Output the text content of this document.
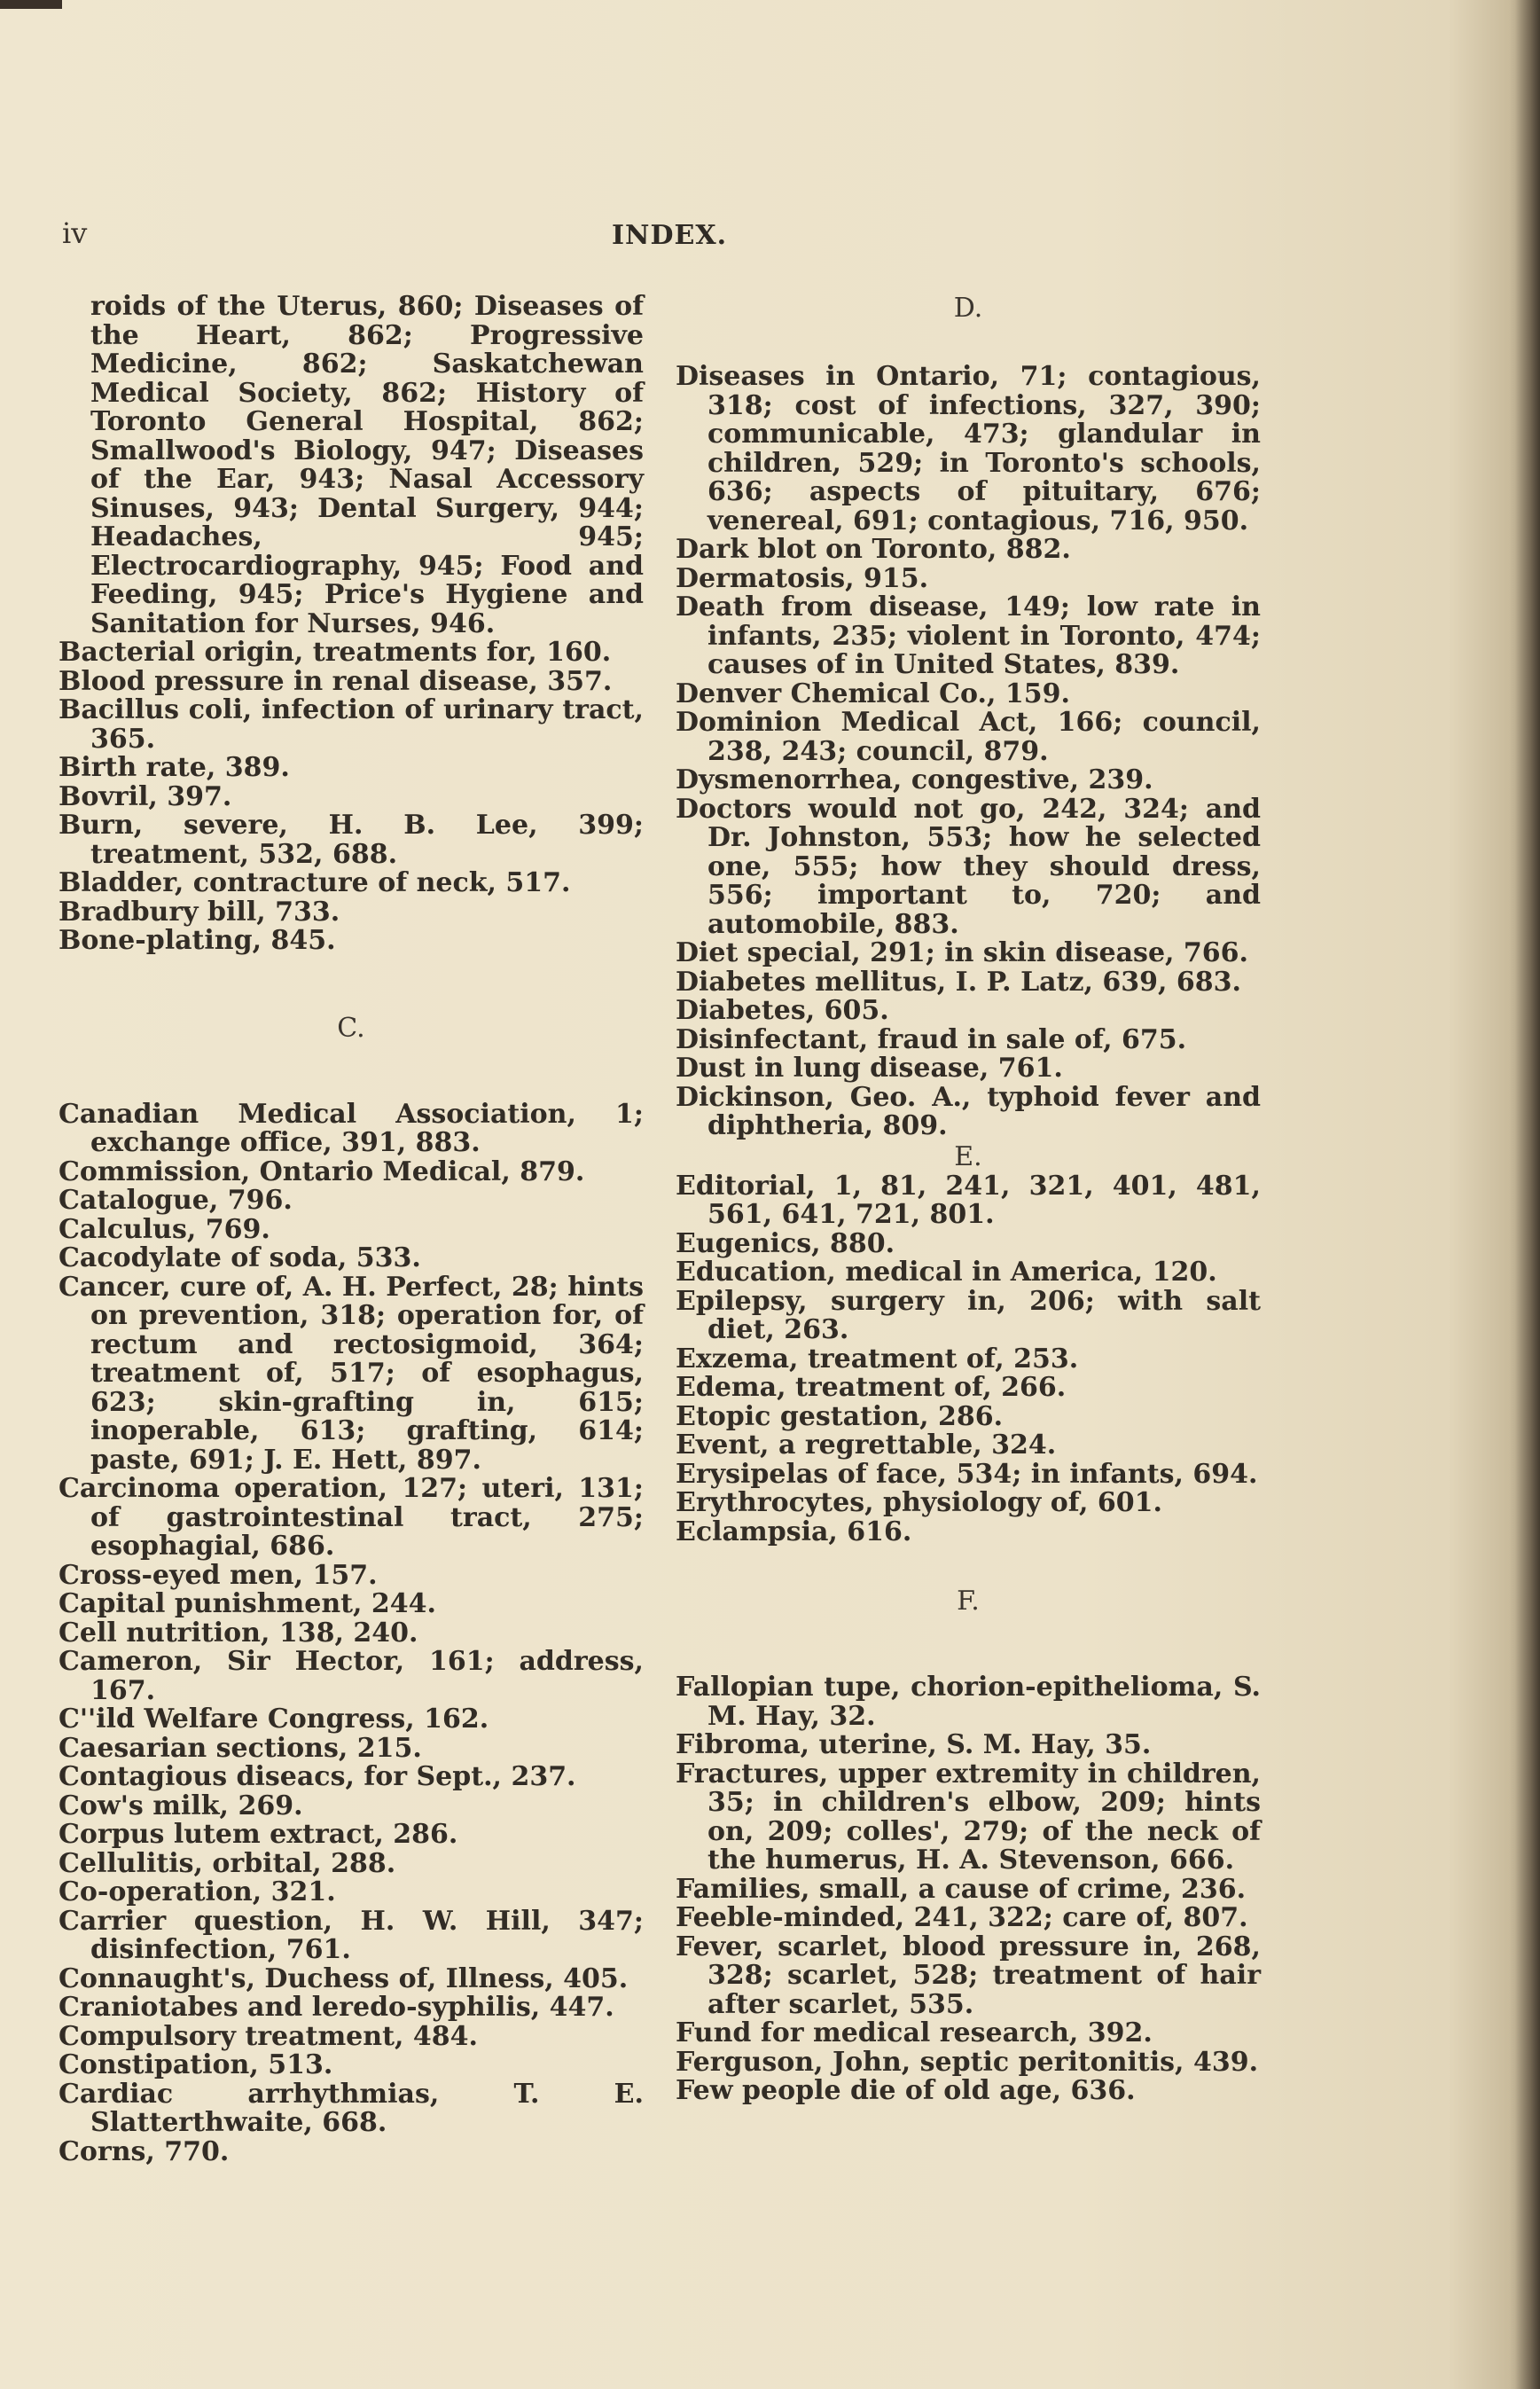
iv	INDEX.
roids of the Uterus, 860; Diseases of the Heart, 862; Progressive Medicine, 862; Saskatchewan Medical Society, 862; History of Toronto General Hospital, 862; Smallwood's Biology, 947; Diseases of the Ear, 943; Nasal Accessory Sinuses, 943; Dental Surgery, 944; Headaches, 945; Electrocardiography, 945; Food and Feeding, 945; Price's Hygiene and Sanitation for Nurses, 946.
Bacterial origin, treatments for, 160.
Blood pressure in renal disease, 357.
Bacillus coli, infection of urinary tract, 365.
Birth rate, 389.
Bovril, 397.
Burn, severe, H. B. Lee, 399; treatment, 532, 688.
Bladder, contracture of neck, 517.
Bradbury bill, 733.
Bone-plating, 845.
C.
Canadian Medical Association, 1; exchange office, 391, 883.
Commission, Ontario Medical, 879.
Catalogue, 796.
Calculus, 769.
Cacodylate of soda, 533.
Cancer, cure of, A. H. Perfect, 28; hints on prevention, 318; operation for, of rectum and rectosigmoid, 364; treatment of, 517; of esophagus, 623; skin-grafting in, 615; inoperable, 613; grafting, 614; paste, 691; J. E. Hett, 897.
Carcinoma operation, 127; uteri, 131; of gastrointestinal tract, 275; esophagial, 686.
Cross-eyed men, 157.
Capital punishment, 244.
Cell nutrition, 138, 240.
Cameron, Sir Hector, 161; address, 167.
C''ild Welfare Congress, 162.
Caesarian sections, 215.
Contagious diseacs, for Sept., 237.
Cow's milk, 269.
Corpus lutem extract, 286.
Cellulitis, orbital, 288.
Co-operation, 321.
Carrier question, H. W. Hill, 347; disinfection, 761.
Connaught's, Duchess of, Illness, 405.
Craniotabes and leredo-syphilis, 447.
Compulsory treatment, 484.
Constipation, 513.
Cardiac arrhythmias, T. E. Slatterthwaite, 668.
Corns, 770.
D.
Diseases in Ontario, 71; contagious, 318; cost of infections, 327, 390; communicable, 473; glandular in children, 529; in Toronto's schools, 636; aspects of pituitary, 676; venereal, 691; contagious, 716, 950.
Dark blot on Toronto, 882.
Dermatosis, 915.
Death from disease, 149; low rate in infants, 235; violent in Toronto, 474; causes of in United States, 839.
Denver Chemical Co., 159.
Dominion Medical Act, 166; council, 238, 243; council, 879.
Dysmenorrhea, congestive, 239.
Doctors would not go, 242, 324; and Dr. Johnston, 553; how he selected one, 555; how they should dress, 556; important to, 720; and automobile, 883.
Diet special, 291; in skin disease, 766.
Diabetes mellitus, I. P. Latz, 639, 683.
Diabetes, 605.
Disinfectant, fraud in sale of, 675.
Dust in lung disease, 761.
Dickinson, Geo. A., typhoid fever and diphtheria, 809.
E.
Editorial, 1, 81, 241, 321, 401, 481, 561, 641, 721, 801.
Eugenics, 880.
Education, medical in America, 120.
Epilepsy, surgery in, 206; with salt diet, 263.
Exzema, treatment of, 253.
Edema, treatment of, 266.
Etopic gestation, 286.
Event, a regrettable, 324.
Erysipelas of face, 534; in infants, 694.
Erythrocytes, physiology of, 601.
Eclampsia, 616.
F.
Fallopian tupe, chorion-epithelioma, S. M. Hay, 32.
Fibroma, uterine, S. M. Hay, 35.
Fractures, upper extremity in children, 35; in children's elbow, 209; hints on, 209; colles', 279; of the neck of the humerus, H. A. Stevenson, 666.
Families, small, a cause of crime, 236.
Feeble-minded, 241, 322; care of, 807.
Fever, scarlet, blood pressure in, 268, 328; scarlet, 528; treatment of hair after scarlet, 535.
Fund for medical research, 392.
Ferguson, John, septic peritonitis, 439.
Few people die of old age, 636.
